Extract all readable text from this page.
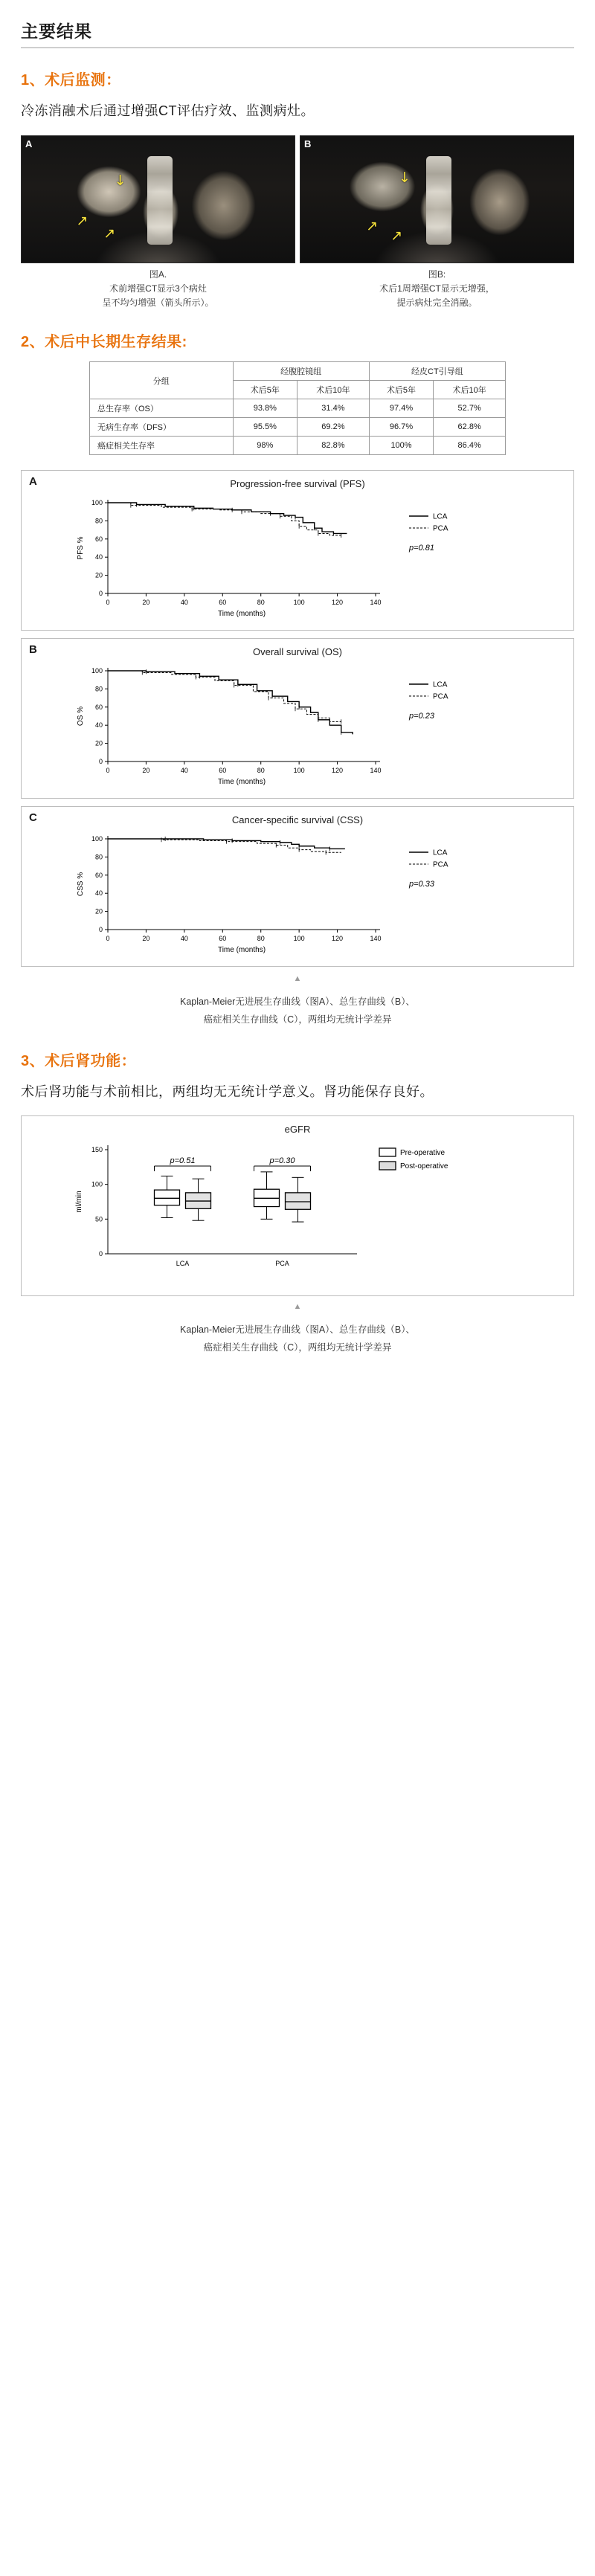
主要结果
1、术后监测：

冷冻消融术后通过增强CT评估疗效、监测病灶。

A
↓
↗
↗
B
↓
↗
↗
图A.
术前增强CT显示3个病灶
呈不均匀增强（箭头所示）。
图B:
术后1周增强CT显示无增强，
提示病灶完全消融。
2、术后中长期生存结果:
分组	经腹腔镜组		经皮CT引导组	
	术后5年	术后10年	术后5年	术后10年
总生存率（OS）	93.8%	31.4%	97.4%	52.7%
无病生存率（DFS）	95.5%	69.2%	96.7%	62.8%
癌症相关生存率	98%	82.8%	100%	86.4%
A	Progression-free survival (PFS)
0	20	40	60	80	100	120	140
0
20
40
60
80
100
Time (months)
PFS %
LCA
PCA
p=0.81
B	Overall survival (OS)
0	20	40	60	80	100	120	140
0
20
40
60
80
100
Time (months)
OS %
LCA
PCA
p=0.23
C	Cancer-specific survival (CSS)
0	20	40	60	80	100	120	140
0
20
40
60
80
100
Time (months)
CSS %
LCA
PCA
p=0.33
▲
Kaplan-Meier无进展生存曲线（图A）、总生存曲线（B）、
癌症相关生存曲线（C），两组均无统计学差异
3、术后肾功能：

术后肾功能与术前相比，两组均无无统计学意义。肾功能保存良好。

eGFR
0
50
100
150
ml/min
LCA	PCA
p=0.51	p=0.30
Pre-operative
Post-operative
▲
Kaplan-Meier无进展生存曲线（图A）、总生存曲线（B）、
癌症相关生存曲线（C），两组均无统计学差异
